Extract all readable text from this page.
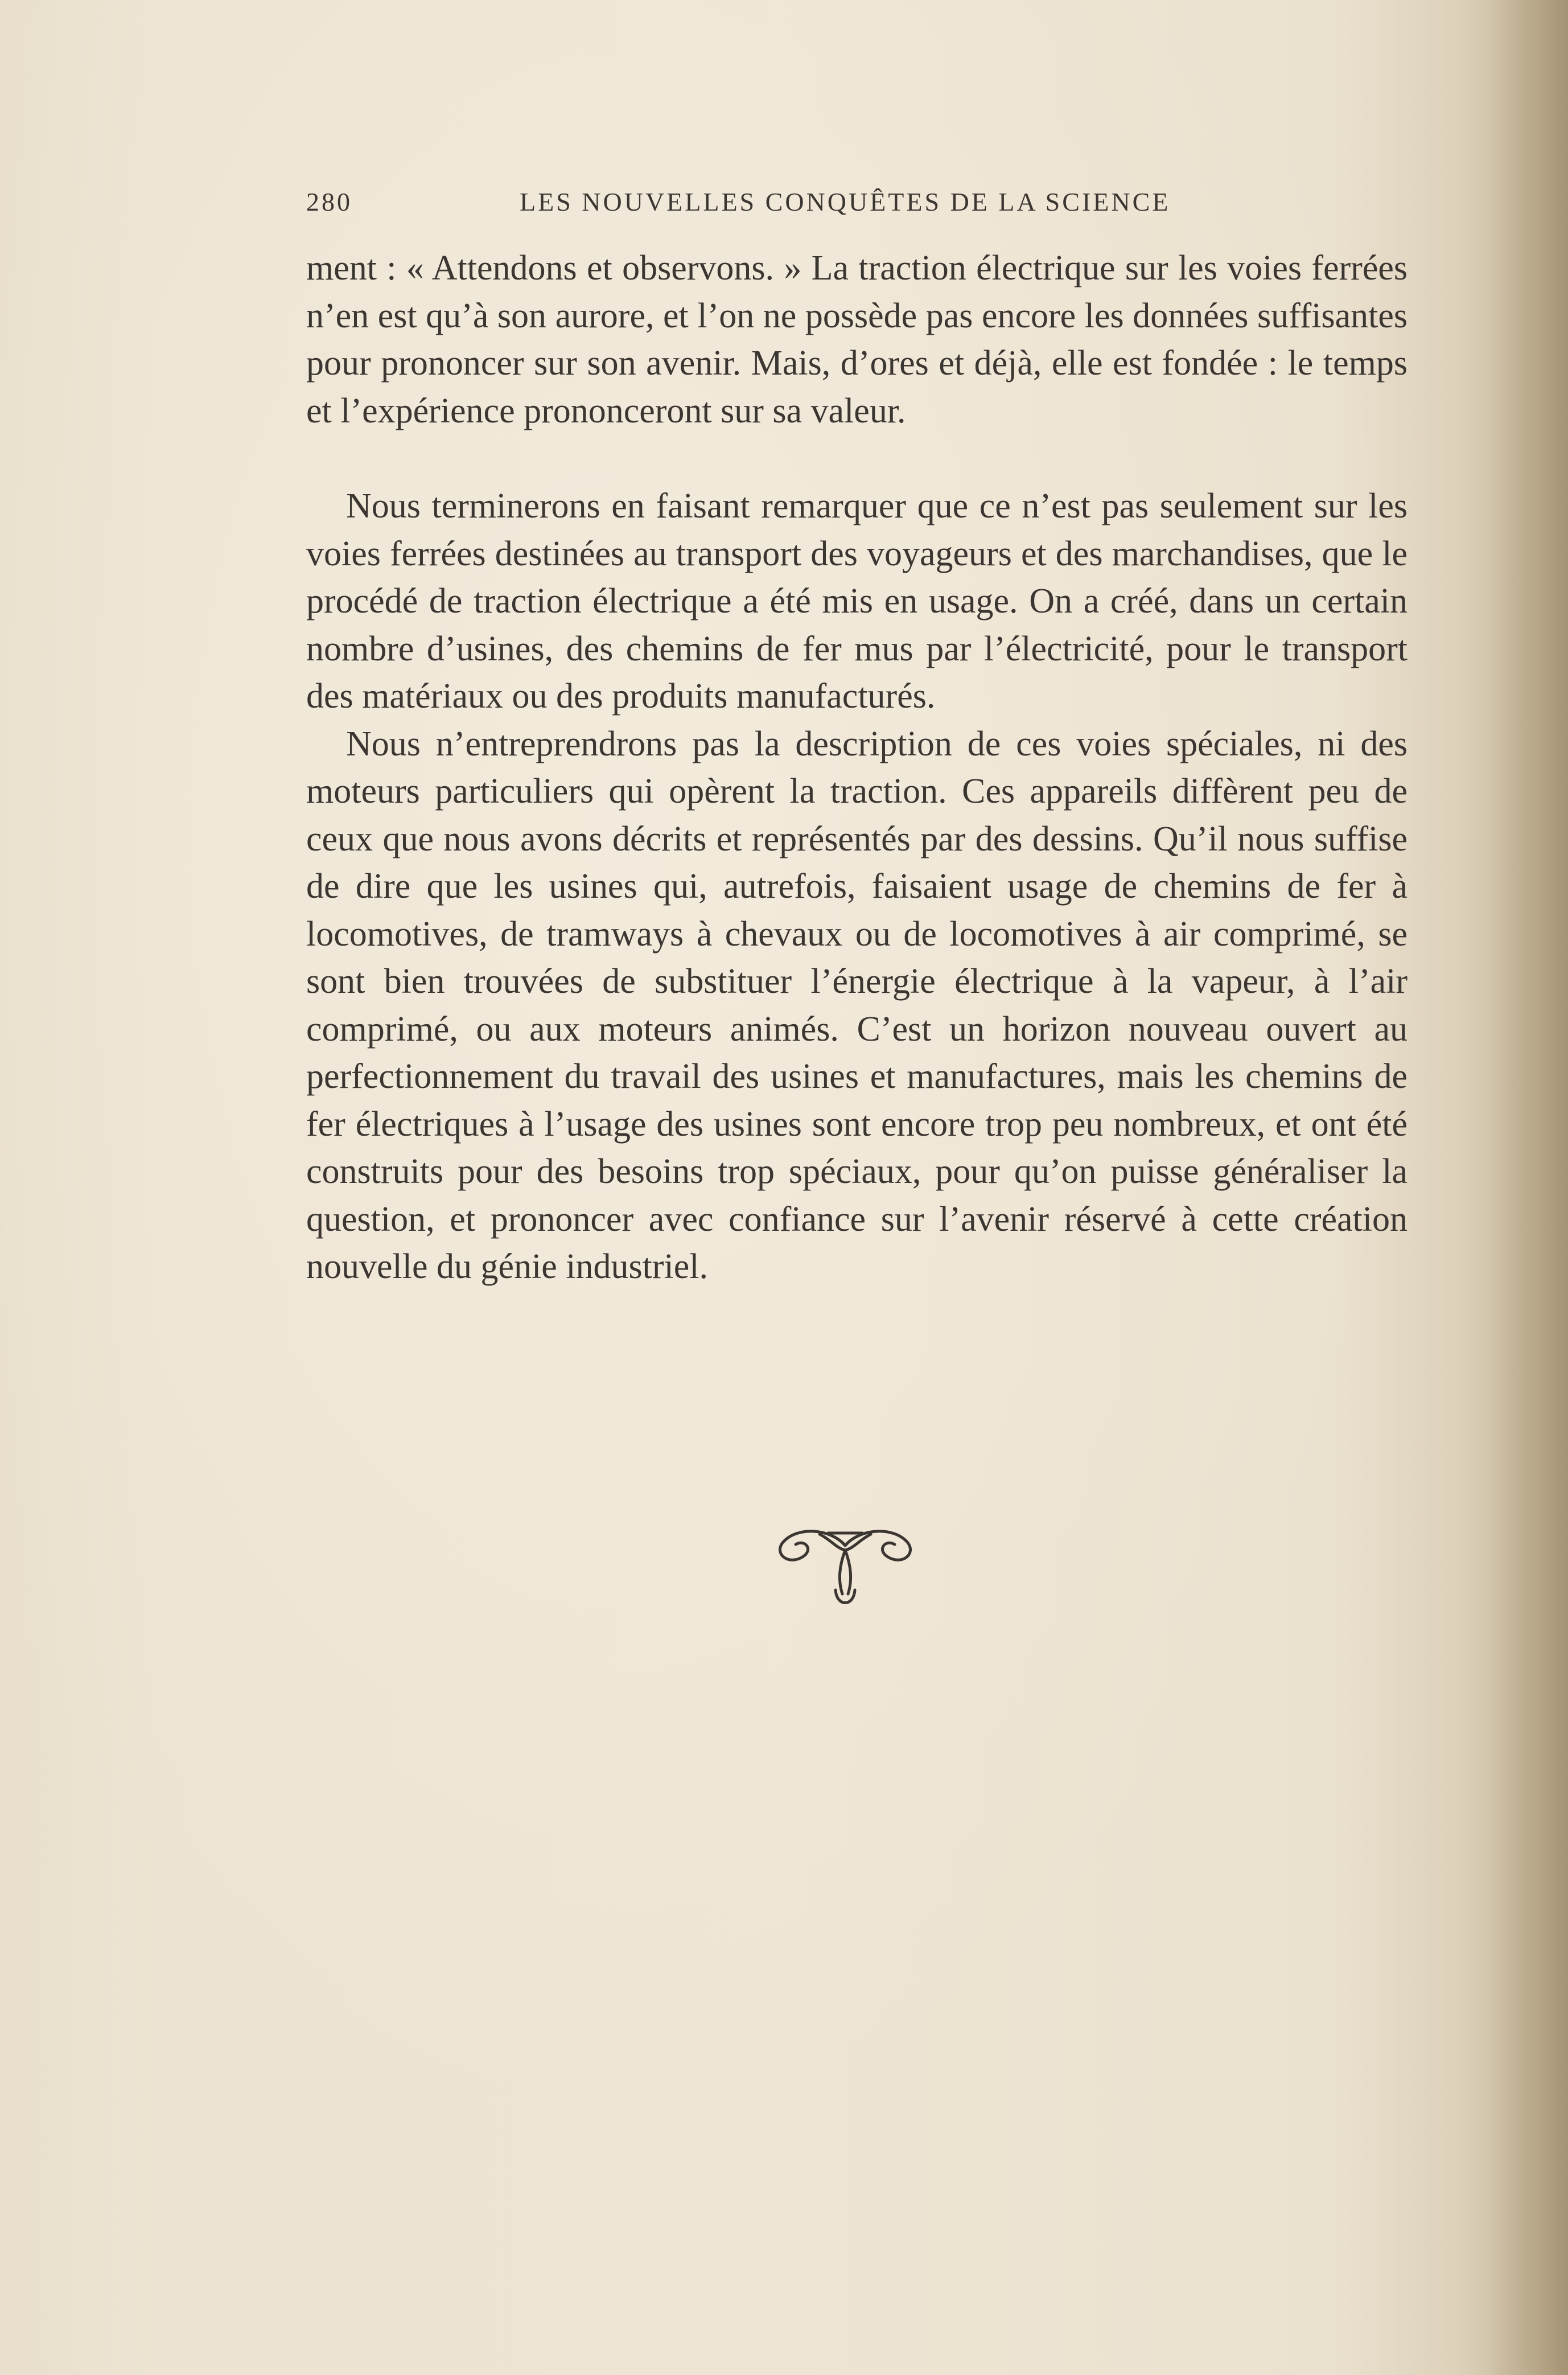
280	LES NOUVELLES CONQUÊTES DE LA SCIENCE

ment : « Attendons et observons. » La traction électrique sur les voies ferrées n’en est qu’à son aurore, et l’on ne possède pas encore les données suffisantes pour prononcer sur son avenir. Mais, d’ores et déjà, elle est fondée : le temps et l’expérience prononceront sur sa valeur.

Nous terminerons en faisant remarquer que ce n’est pas seulement sur les voies ferrées destinées au transport des voyageurs et des marchandises, que le procédé de traction électrique a été mis en usage. On a créé, dans un certain nombre d’usines, des chemins de fer mus par l’électricité, pour le transport des matériaux ou des produits manufacturés.

Nous n’entreprendrons pas la description de ces voies spéciales, ni des moteurs particuliers qui opèrent la traction. Ces appareils diffèrent peu de ceux que nous avons décrits et représentés par des dessins. Qu’il nous suffise de dire que les usines qui, autrefois, faisaient usage de chemins de fer à locomotives, de tramways à chevaux ou de locomotives à air comprimé, se sont bien trouvées de substituer l’énergie électrique à la vapeur, à l’air comprimé, ou aux moteurs animés. C’est un horizon nouveau ouvert au perfectionnement du travail des usines et manufactures, mais les chemins de fer électriques à l’usage des usines sont encore trop peu nombreux, et ont été construits pour des besoins trop spéciaux, pour qu’on puisse généraliser la question, et prononcer avec confiance sur l’avenir réservé à cette création nouvelle du génie industriel.
